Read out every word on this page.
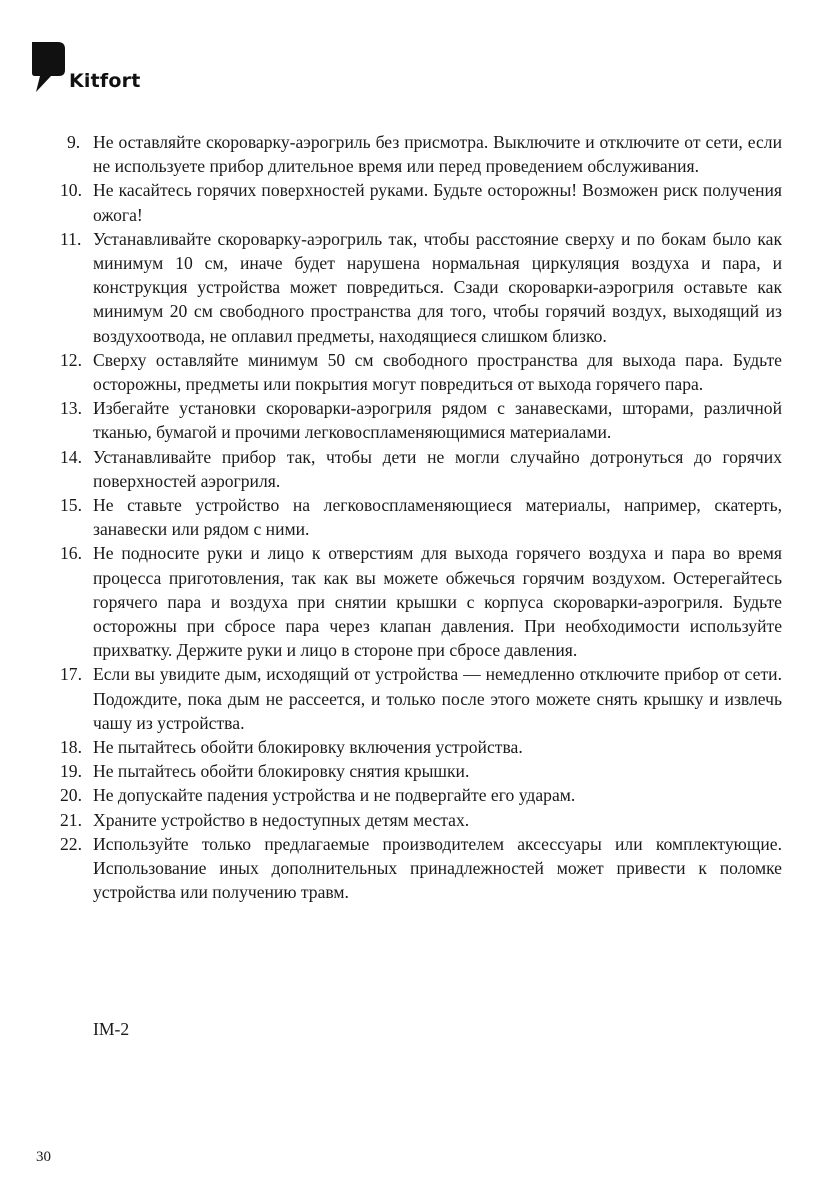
Kitfort
9. Не оставляйте скороварку-аэрогриль без присмотра. Выключите и отключите от сети, если не используете прибор длительное время или перед проведением обслуживания.
10. Не касайтесь горячих поверхностей руками. Будьте осторожны! Возможен риск получения ожога!
11. Устанавливайте скороварку-аэрогриль так, чтобы расстояние сверху и по бокам было как минимум 10 см, иначе будет нарушена нормальная циркуляция воздуха и пара, и конструкция устройства может повредиться. Сзади скороварки-аэрогриля оставьте как минимум 20 см свободного пространства для того, чтобы горячий воздух, выходящий из воздухоотвода, не оплавил предметы, находящиеся слишком близко.
12. Сверху оставляйте минимум 50 см свободного пространства для выхода пара. Будьте осторожны, предметы или покрытия могут повредиться от выхода горячего пара.
13. Избегайте установки скороварки-аэрогриля рядом с занавесками, шторами, различной тканью, бумагой и прочими легковоспламеняющимися материалами.
14. Устанавливайте прибор так, чтобы дети не могли случайно дотронуться до горячих поверхностей аэрогриля.
15. Не ставьте устройство на легковоспламеняющиеся материалы, например, скатерть, занавески или рядом с ними.
16. Не подносите руки и лицо к отверстиям для выхода горячего воздуха и пара во время процесса приготовления, так как вы можете обжечься горячим воздухом. Остерегайтесь горячего пара и воздуха при снятии крышки с корпуса скороварки-аэрогриля. Будьте осторожны при сбросе пара через клапан давления. При необходимости используйте прихватку. Держите руки и лицо в стороне при сбросе давления.
17. Если вы увидите дым, исходящий от устройства — немедленно отключите прибор от сети. Подождите, пока дым не рассеется, и только после этого можете снять крышку и извлечь чашу из устройства.
18. Не пытайтесь обойти блокировку включения устройства.
19. Не пытайтесь обойти блокировку снятия крышки.
20. Не допускайте падения устройства и не подвергайте его ударам.
21. Храните устройство в недоступных детям местах.
22. Используйте только предлагаемые производителем аксессуары или комплектующие. Использование иных дополнительных принадлежностей может привести к поломке устройства или получению травм.
IM-2
30
